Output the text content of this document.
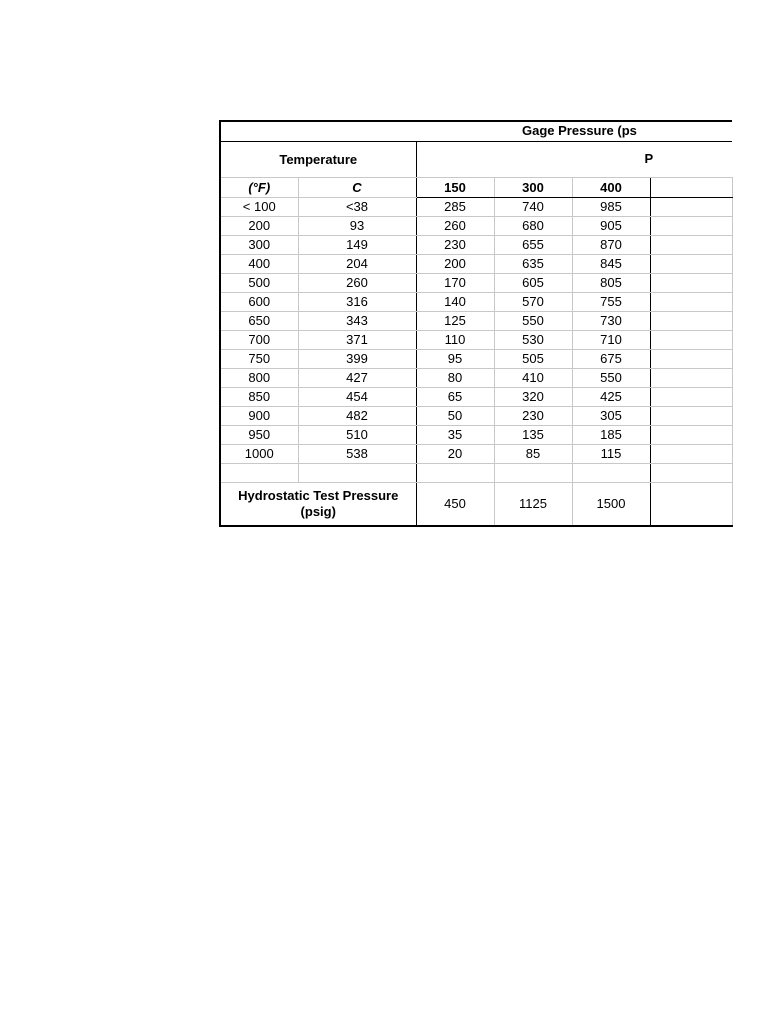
Gage Pressure (ps					

Temperature		P			

(°F)	C	150	300	400	
< 100	<38	285	740	985	
200	93	260	680	905	
300	149	230	655	870	
400	204	200	635	845	
500	260	170	605	805	
600	316	140	570	755	
650	343	125	550	730	
700	371	110	530	710	
750	399	95	505	675	
800	427	80	410	550	
850	454	65	320	425	
900	482	50	230	305	
950	510	35	135	185	
1000	538	20	85	115	

Hydrostatic Test Pressure (psig)		450	1125	1500	
